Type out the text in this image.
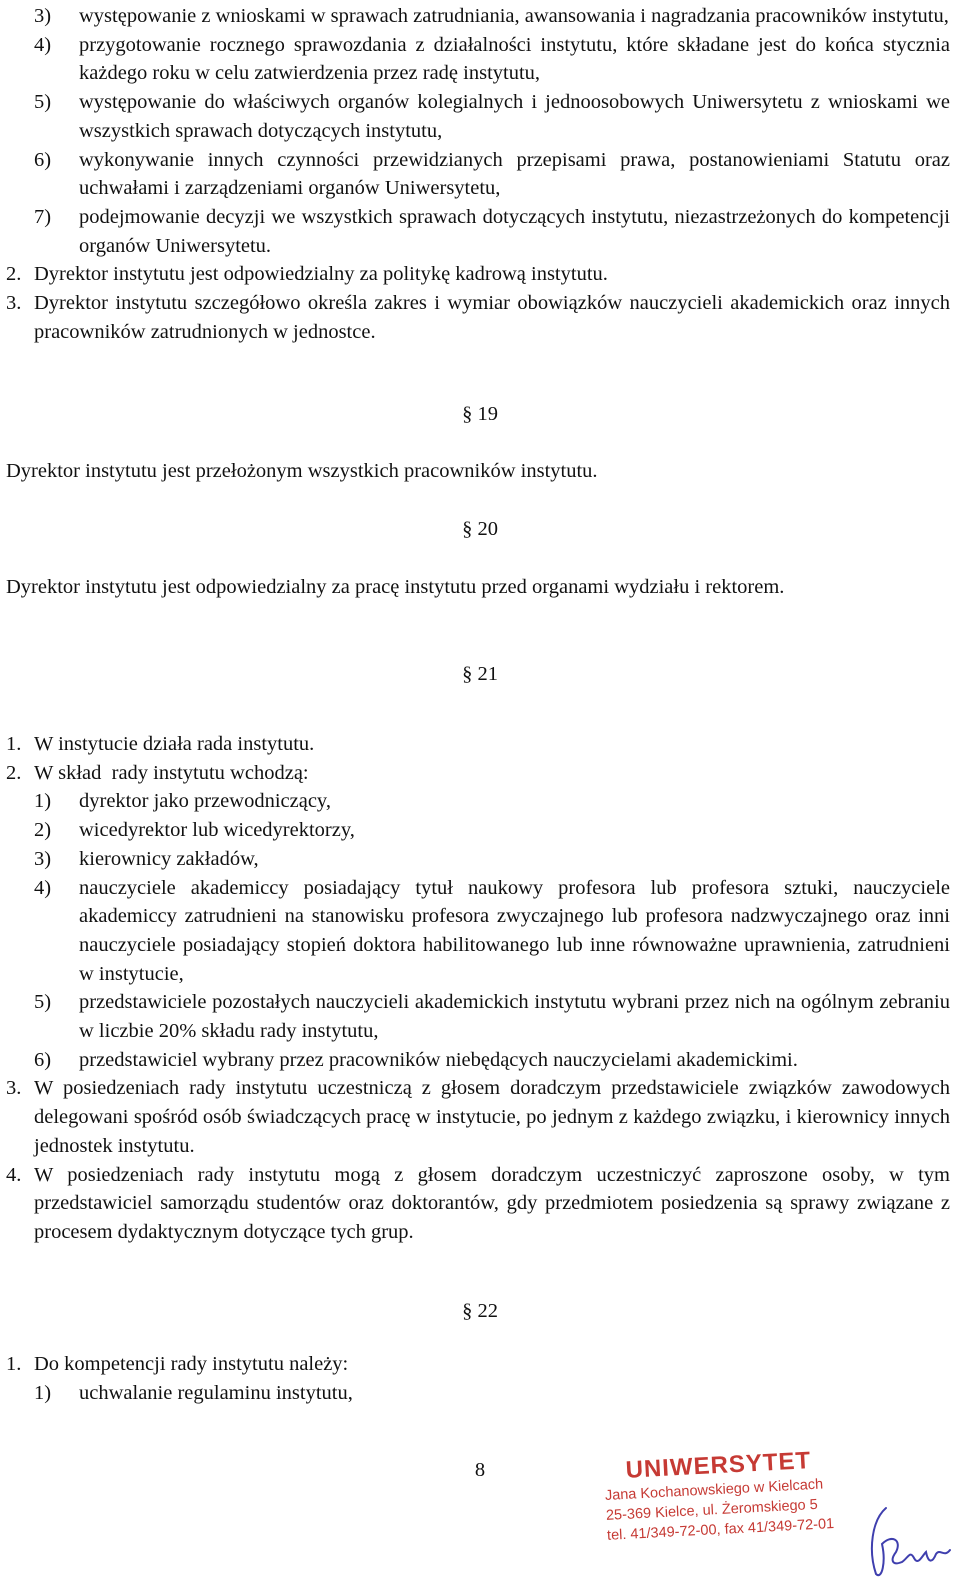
3)	występowanie z wnioskami w sprawach zatrudniania, awansowania i nagradzania pracowników instytutu,
4)	przygotowanie rocznego sprawozdania z działalności instytutu, które składane jest do końca stycznia każdego roku w celu zatwierdzenia przez radę instytutu,
5)	występowanie do właściwych organów kolegialnych i jednoosobowych Uniwersytetu z wnioskami we wszystkich sprawach dotyczących instytutu,
6)	wykonywanie innych czynności przewidzianych przepisami prawa, postanowieniami Statutu oraz uchwałami i zarządzeniami organów Uniwersytetu,
7)	podejmowanie decyzji we wszystkich sprawach dotyczących instytutu, niezastrzeżonych do kompetencji organów Uniwersytetu.
2. Dyrektor instytutu jest odpowiedzialny za politykę kadrową instytutu.
3. Dyrektor instytutu szczegółowo określa zakres i wymiar obowiązków nauczycieli akademickich oraz innych pracowników zatrudnionych w jednostce.
§ 19
Dyrektor instytutu jest przełożonym wszystkich pracowników instytutu.
§ 20
Dyrektor instytutu jest odpowiedzialny za pracę instytutu przed organami wydziału i rektorem.
§ 21
1. W instytucie działa rada instytutu.
2. W skład  rady instytutu wchodzą:
1)	dyrektor jako przewodniczący,
2)	wicedyrektor lub wicedyrektorzy,
3)	kierownicy zakładów,
4)	nauczyciele akademiccy posiadający tytuł naukowy profesora lub profesora sztuki, nauczyciele akademiccy zatrudnieni na stanowisku profesora zwyczajnego lub profesora nadzwyczajnego oraz inni nauczyciele posiadający stopień doktora habilitowanego lub inne równoważne uprawnienia, zatrudnieni w instytucie,
5)	przedstawiciele pozostałych nauczycieli akademickich instytutu wybrani przez nich na ogólnym zebraniu w liczbie 20% składu rady instytutu,
6)	przedstawiciel wybrany przez pracowników niebędących nauczycielami akademickimi.
3. W posiedzeniach rady instytutu uczestniczą z głosem doradczym przedstawiciele związków zawodowych delegowani spośród osób świadczących pracę w instytucie, po jednym z każdego związku, i kierownicy innych jednostek instytutu.
4. W posiedzeniach rady instytutu mogą z głosem doradczym uczestniczyć zaproszone osoby, w tym przedstawiciel samorządu studentów oraz doktorantów, gdy przedmiotem posiedzenia są sprawy związane z procesem dydaktycznym dotyczące tych grup.
§ 22
1. Do kompetencji rady instytutu należy:
1)	uchwalanie regulaminu instytutu,
8	UNIWERSYTET
Jana Kochanowskiego w Kielcach
25-369 Kielce, ul. Żeromskiego 5
tel. 41/349-72-00, fax 41/349-72-01
